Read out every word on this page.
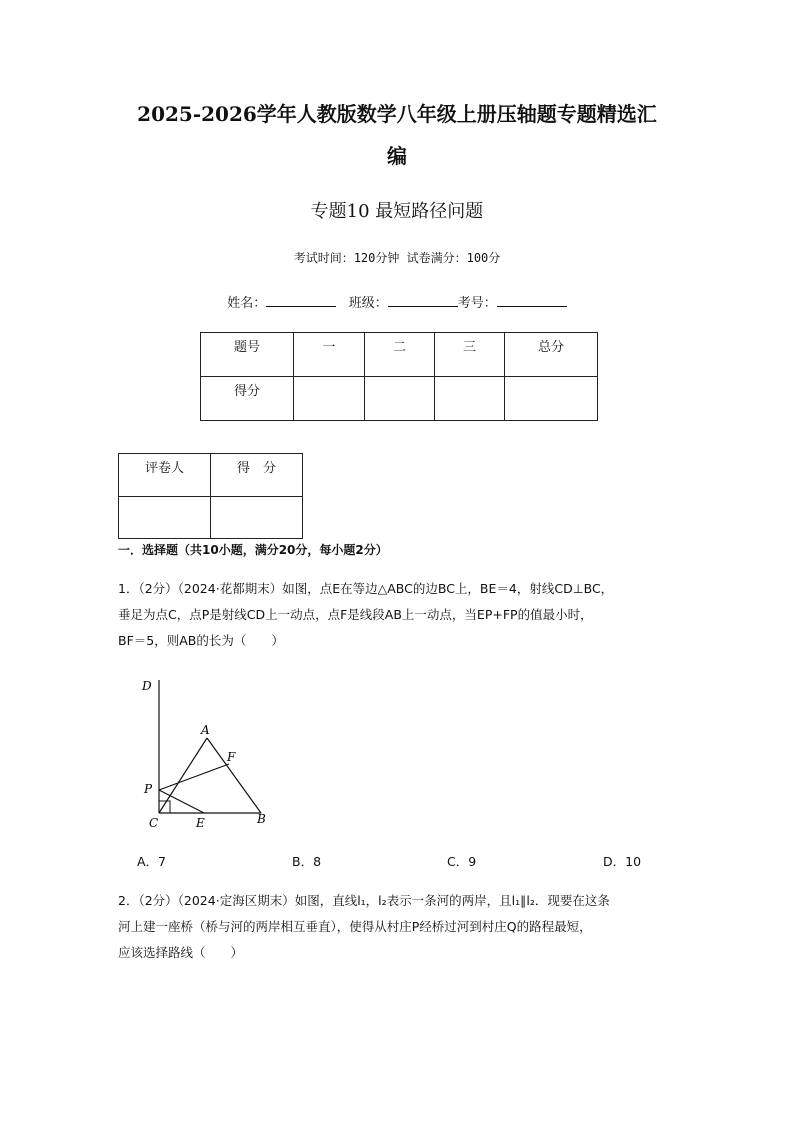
2025-2026学年人教版数学八年级上册压轴题专题精选汇
编
专题10 最短路径问题
考试时间：120分钟 试卷满分：100分
姓名：	班级：	考号：
题号	一	二	三	总分
得分				
评卷人	得　分

一．选择题（共10小题，满分20分，每小题2分）
1．（2分）（2024·花都期末）如图，点E在等边△ABC的边BC上，BE＝4，射线CD⊥BC，
垂足为点C，点P是射线CD上一动点，点F是线段AB上一动点，当EP+FP的值最小时，
BF＝5，则AB的长为（　　）
D
A
F
P
C	E	B
A．7	B．8	C．9	D．10
2．（2分）（2024·定海区期末）如图，直线l₁，l₂表示一条河的两岸，且l₁∥l₂．现要在这条
河上建一座桥（桥与河的两岸相互垂直），使得从村庄P经桥过河到村庄Q的路程最短，
应该选择路线（　　）
